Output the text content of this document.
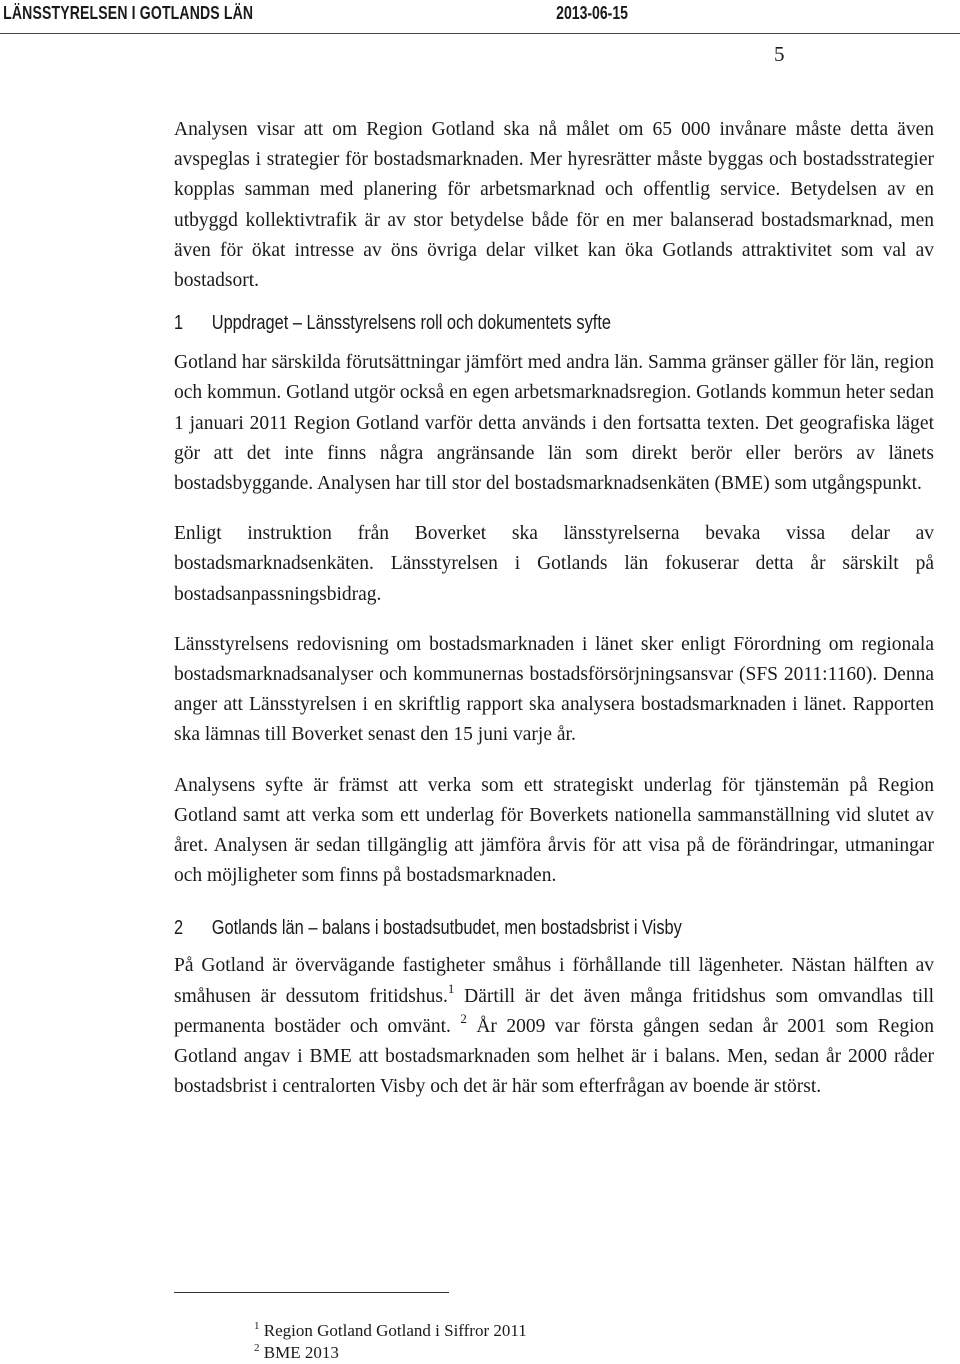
LÄNSSTYRELSEN I GOTLANDS LÄN	2013-06-15
5

Analysen visar att om Region Gotland ska nå målet om 65 000 invånare måste detta även avspeglas i strategier för bostadsmarknaden. Mer hyresrätter måste byggas och bostadsstrategier kopplas samman med planering för arbetsmarknad och offentlig service. Betydelsen av en utbyggd kollektivtrafik är av stor betydelse både för en mer balanserad bostadsmarknad, men även för ökat intresse av öns övriga delar vilket kan öka Gotlands attraktivitet som val av bostadsort.

1 Uppdraget – Länsstyrelsens roll och dokumentets syfte

Gotland har särskilda förutsättningar jämfört med andra län. Samma gränser gäller för län, region och kommun. Gotland utgör också en egen arbetsmarknadsregion. Gotlands kommun heter sedan 1 januari 2011 Region Gotland varför detta används i den fortsatta texten. Det geografiska läget gör att det inte finns några angränsande län som direkt berör eller berörs av länets bostadsbyggande. Analysen har till stor del bostadsmarknadsenkäten (BME) som utgångspunkt.

Enligt instruktion från Boverket ska länsstyrelserna bevaka vissa delar av bostadsmarknadsenkäten. Länsstyrelsen i Gotlands län fokuserar detta år särskilt på bostadsanpassningsbidrag.

Länsstyrelsens redovisning om bostadsmarknaden i länet sker enligt Förordning om regionala bostadsmarknadsanalyser och kommunernas bostadsförsörjningsansvar (SFS 2011:1160). Denna anger att Länsstyrelsen i en skriftlig rapport ska analysera bostadsmarknaden i länet. Rapporten ska lämnas till Boverket senast den 15 juni varje år.

Analysens syfte är främst att verka som ett strategiskt underlag för tjänstemän på Region Gotland samt att verka som ett underlag för Boverkets nationella sammanställning vid slutet av året. Analysen är sedan tillgänglig att jämföra årvis för att visa på de förändringar, utmaningar och möjligheter som finns på bostadsmarknaden.

2 Gotlands län – balans i bostadsutbudet, men bostadsbrist i Visby

På Gotland är övervägande fastigheter småhus i förhållande till lägenheter. Nästan hälften av småhusen är dessutom fritidshus.$^1$ Därtill är det även många fritidshus som omvandlas till permanenta bostäder och omvänt. $^2$ År 2009 var första gången sedan år 2001 som Region Gotland angav i BME att bostadsmarknaden som helhet är i balans. Men, sedan år 2000 råder bostadsbrist i centralorten Visby och det är här som efterfrågan av boende är störst.

$^1$ Region Gotland Gotland i Siffror 2011
$^2$ BME 2013
